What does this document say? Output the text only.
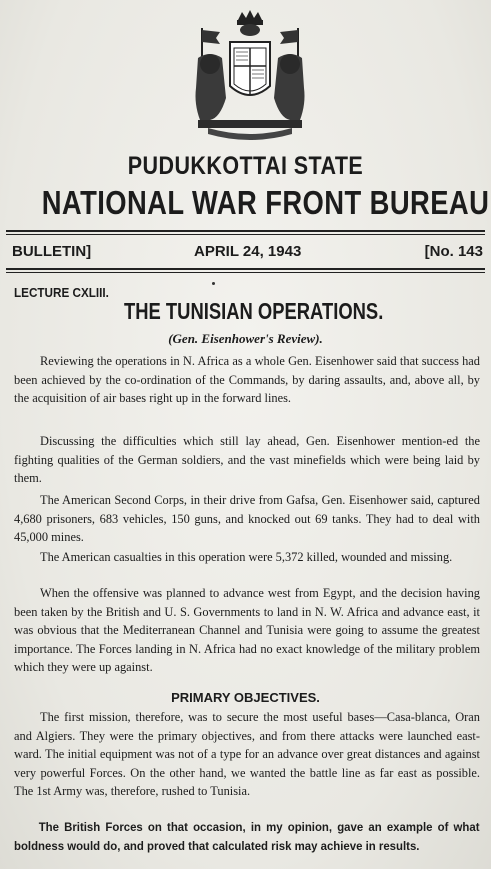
PUDUKKOTTAI STATE
NATIONAL WAR FRONT BUREAU
BULLETIN]	APRIL 24, 1943	[No. 143
LECTURE CXLIII.
THE TUNISIAN OPERATIONS.
(Gen. Eisenhower's Review).

Reviewing the operations in N. Africa as a whole Gen. Eisenhower said that success had been achieved by the co-ordination of the Commands, by daring assaults, and, above all, by the acquisition of air bases right up in the forward lines.

Discussing the difficulties which still lay ahead, Gen. Eisenhower mention-ed the fighting qualities of the German soldiers, and the vast minefields which were being laid by them.

The American Second Corps, in their drive from Gafsa, Gen. Eisenhower said, captured 4,680 prisoners, 683 vehicles, 150 guns, and knocked out 69 tanks. They had to deal with 45,000 mines.

The American casualties in this operation were 5,372 killed, wounded and missing.

When the offensive was planned to advance west from Egypt, and the decision having been taken by the British and U. S. Governments to land in N. W. Africa and advance east, it was obvious that the Mediterranean Channel and Tunisia were going to assume the greatest importance. The Forces landing in N. Africa had no exact knowledge of the military problem which they were up against.

PRIMARY OBJECTIVES.

The first mission, therefore, was to secure the most useful bases—Casa-blanca, Oran and Algiers. They were the primary objectives, and from there attacks were launched east-ward. The initial equipment was not of a type for an advance over great distances and against very powerful Forces. On the other hand, we wanted the battle line as far east as possible. The 1st Army was, therefore, rushed to Tunisia.

The British Forces on that occasion, in my opinion, gave an example of what boldness would do, and proved that calculated risk may achieve in results.
